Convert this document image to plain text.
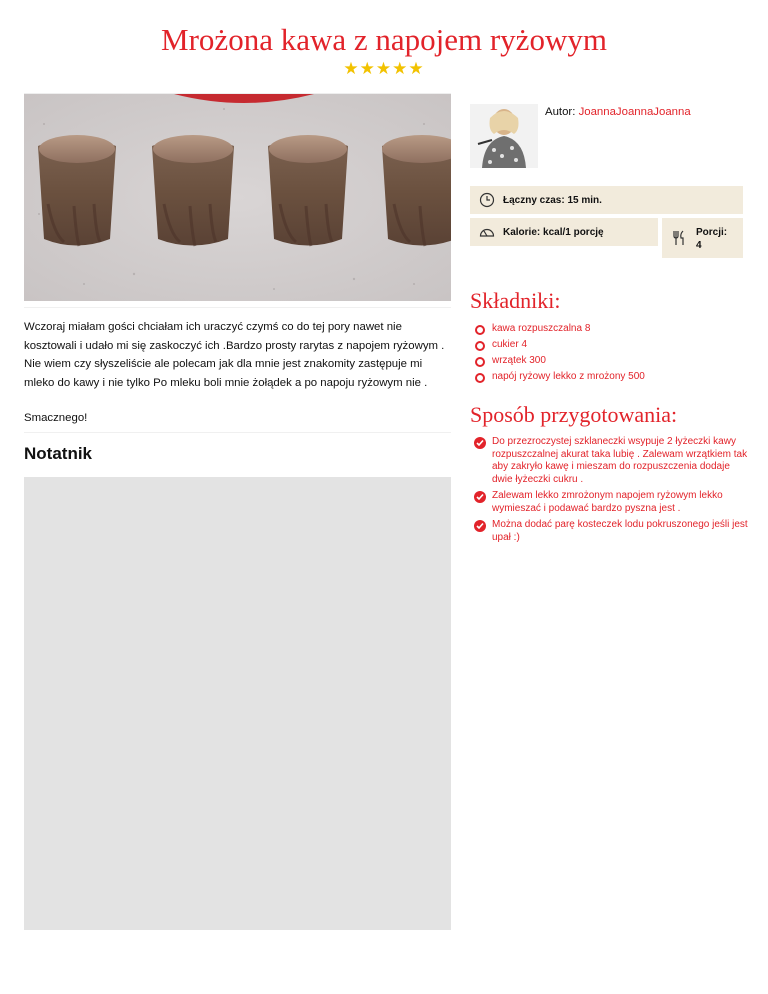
Mrożona kawa z napojem ryżowym
★★★★★

Wczoraj miałam gości chciałam ich uraczyć czymś co do tej pory nawet nie kosztowali i udało mi się zaskoczyć ich .Bardzo prosty rarytas z napojem ryżowym . Nie wiem czy słyszeliście ale polecam jak dla mnie jest znakomity zastępuje mi mleko do kawy i nie tylko Po mleku boli mnie żołądek a po napoju ryżowym nie .

Smacznego!

Notatnik
Autor: JoannaJoannaJoanna
Łączny czas: 15 min.
Kalorie: kcal/1 porcję	Porcji:
4
Składniki:
kawa rozpuszczalna 8
cukier 4
wrzątek 300
napój ryżowy lekko z mrożony 500
Sposób przygotowania:
Do przezroczystej szklaneczki wsypuje 2 łyżeczki kawy rozpuszczalnej akurat taka lubię . Zalewam wrzątkiem tak aby zakryło kawę i mieszam do rozpuszczenia dodaje dwie łyżeczki cukru .
Zalewam lekko zmrożonym napojem ryżowym lekko wymieszać i podawać bardzo pyszna jest .
Można dodać parę kosteczek lodu pokruszonego jeśli jest upał :)
